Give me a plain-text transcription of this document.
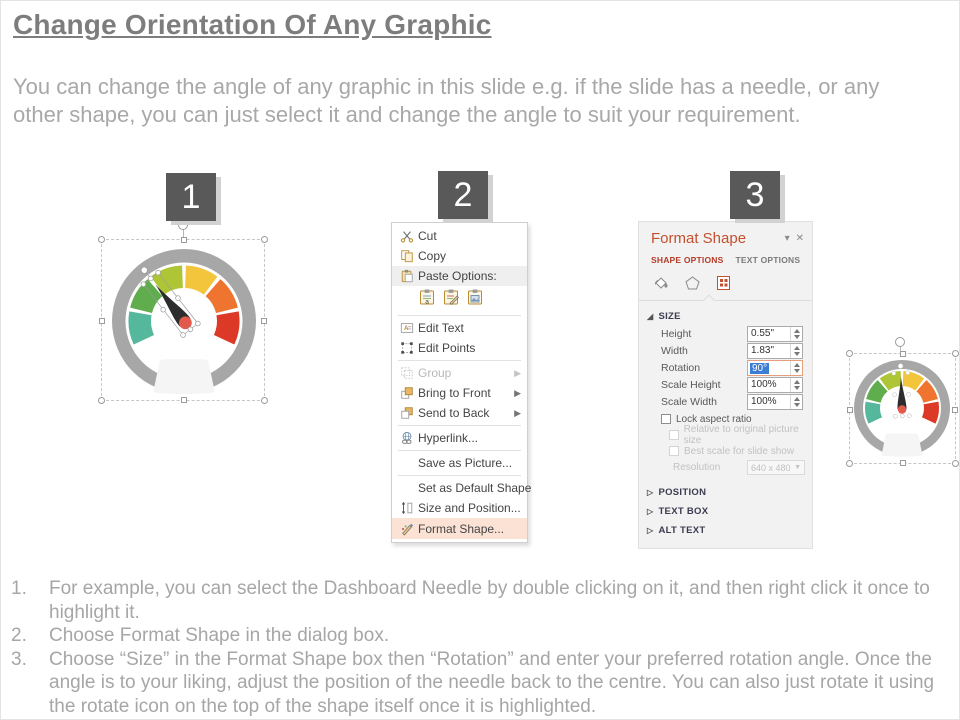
Change Orientation Of Any Graphic
You can change the angle of any graphic in this slide e.g. if the slide has a needle, or any other shape, you can just select it and change the angle to suit your requirement.
1	2	3
Cut
Copy
Paste Options:
a
A Edit Text
Edit Points
Group	▶
Bring to Front	▶
Send to Back	▶
Hyperlink...
Save as Picture...
Set as Default Shape
Size and Position...
Format Shape...
Format Shape	▾ ✕
SHAPE OPTIONS TEXT OPTIONS
◢ SIZE
Height	0.55"
Width	1.83"
Rotation	90°
Scale Height	100%
Scale Width	100%
Lock aspect ratio
Relative to original picture size
Best scale for slide show
Resolution	640 x 480 ▼
▷ POSITION
▷ TEXT BOX
▷ ALT TEXT
1.	For example, you can select the Dashboard Needle by double clicking on it, and then right click it once to highlight it.
2.	Choose Format Shape in the dialog box.
3.	Choose “Size” in the Format Shape box then “Rotation” and enter your preferred rotation angle. Once the angle is to your liking, adjust the position of the needle back to the centre. You can also just rotate it using the rotate icon on the top of the shape itself once it is highlighted.
